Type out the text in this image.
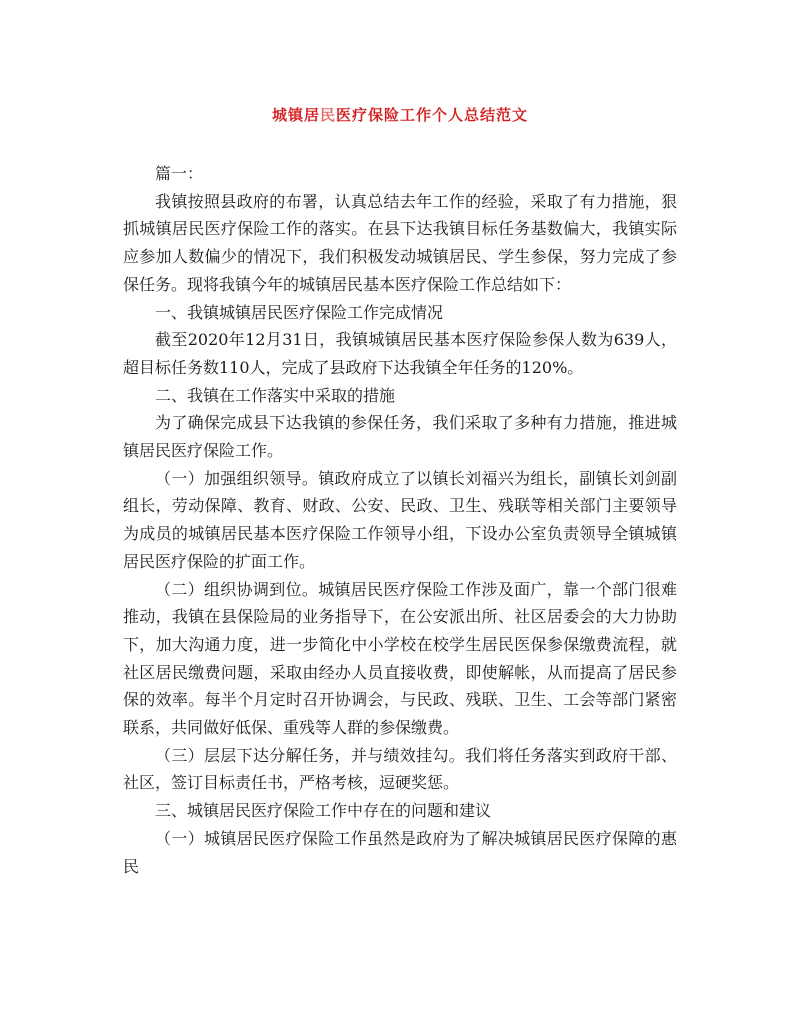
城镇居民医疗保险工作个人总结范文

篇一：

我镇按照县政府的布署，认真总结去年工作的经验，采取了有力措施，狠抓城镇居民医疗保险工作的落实。在县下达我镇目标任务基数偏大，我镇实际应参加人数偏少的情况下，我们积极发动城镇居民、学生参保，努力完成了参保任务。现将我镇今年的城镇居民基本医疗保险工作总结如下：

一、我镇城镇居民医疗保险工作完成情况

截至2020年12月31日，我镇城镇居民基本医疗保险参保人数为639人，超目标任务数110人，完成了县政府下达我镇全年任务的120%。

二、我镇在工作落实中采取的措施

为了确保完成县下达我镇的参保任务，我们采取了多种有力措施，推进城镇居民医疗保险工作。

（一）加强组织领导。镇政府成立了以镇长刘福兴为组长，副镇长刘剑副组长，劳动保障、教育、财政、公安、民政、卫生、残联等相关部门主要领导为成员的城镇居民基本医疗保险工作领导小组，下设办公室负责领导全镇城镇居民医疗保险的扩面工作。

（二）组织协调到位。城镇居民医疗保险工作涉及面广，靠一个部门很难推动，我镇在县保险局的业务指导下，在公安派出所、社区居委会的大力协助下，加大沟通力度，进一步简化中小学校在校学生居民医保参保缴费流程，就社区居民缴费问题，采取由经办人员直接收费，即使解帐，从而提高了居民参保的效率。每半个月定时召开协调会，与民政、残联、卫生、工会等部门紧密联系，共同做好低保、重残等人群的参保缴费。

（三）层层下达分解任务，并与绩效挂勾。我们将任务落实到政府干部、社区，签订目标责任书，严格考核，逗硬奖惩。

三、城镇居民医疗保险工作中存在的问题和建议

（一）城镇居民医疗保险工作虽然是政府为了解决城镇居民医疗保障的惠民
